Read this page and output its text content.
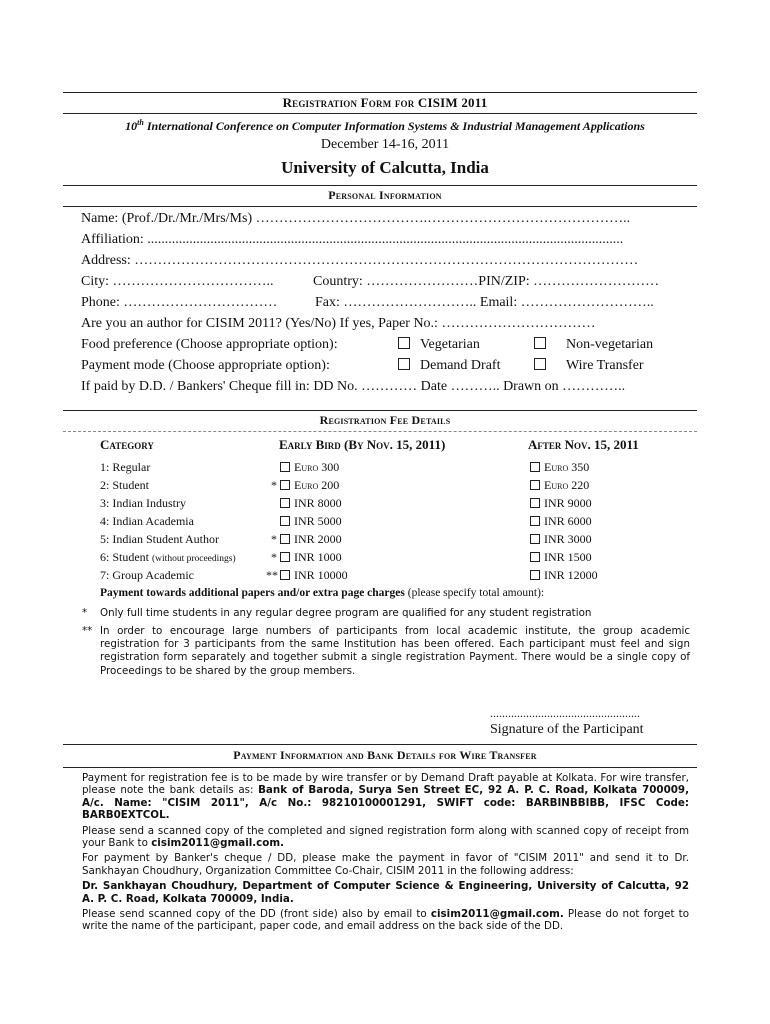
Registration Form for CISIM 2011
10th International Conference on Computer Information Systems & Industrial Management Applications
December 14-16, 2011
University of Calcutta, India
Personal Information
Name: (Prof./Dr./Mr./Mrs/Ms) ……………………………….……………………………………..
Affiliation: ........................................................................................................................................
Address: ………………………………………………………………………………………………
City: ……………………………..	Country: ……………………PIN/ZIP: ………………………
Phone: ……………………………	Fax: ……………………….. Email: ………………………..
Are you an author for CISIM 2011? (Yes/No) If yes, Paper No.: ……………………………
Food preference (Choose appropriate option):	Vegetarian	Non-vegetarian
Payment mode (Choose appropriate option):	Demand Draft	Wire Transfer
If paid by D.D. / Bankers' Cheque fill in: DD No. ………… Date ……….. Drawn on …………..
Registration Fee Details
Category	Early Bird (By Nov. 15, 2011)	After Nov. 15, 2011
1: Regular	Euro 300	Euro 350
2: Student	*	Euro 200	Euro 220
3: Indian Industry	INR 8000	INR 9000
4: Indian Academia	INR 5000	INR 6000
5: Indian Student Author	*	INR 2000	INR 3000
6: Student (without proceedings)	*	INR 1000	INR 1500
7: Group Academic	**	INR 10000	INR 12000
Payment towards additional papers and/or extra page charges (please specify total amount):
* Only full time students in any regular degree program are qualified for any student registration
** In order to encourage large numbers of participants from local academic institute, the group academic registration for 3 participants from the same Institution has been offered. Each participant must feel and sign registration form separately and together submit a single registration Payment. There would be a single copy of Proceedings to be shared by the group members.
..................................................
Signature of the Participant
Payment Information and Bank Details for Wire Transfer

Payment for registration fee is to be made by wire transfer or by Demand Draft payable at Kolkata. For wire transfer, please note the bank details as: Bank of Baroda, Surya Sen Street EC, 92 A. P. C. Road, Kolkata 700009, A/c. Name: "CISIM 2011", A/c No.: 98210100001291, SWIFT code: BARBINBBIBB, IFSC Code: BARB0EXTCOL.

Please send a scanned copy of the completed and signed registration form along with scanned copy of receipt from your Bank to cisim2011@gmail.com.

For payment by Banker's cheque / DD, please make the payment in favor of "CISIM 2011" and send it to Dr. Sankhayan Choudhury, Organization Committee Co-Chair, CISIM 2011 in the following address:

Dr. Sankhayan Choudhury, Department of Computer Science & Engineering, University of Calcutta, 92 A. P. C. Road, Kolkata 700009, India.

Please send scanned copy of the DD (front side) also by email to cisim2011@gmail.com. Please do not forget to write the name of the participant, paper code, and email address on the back side of the DD.
